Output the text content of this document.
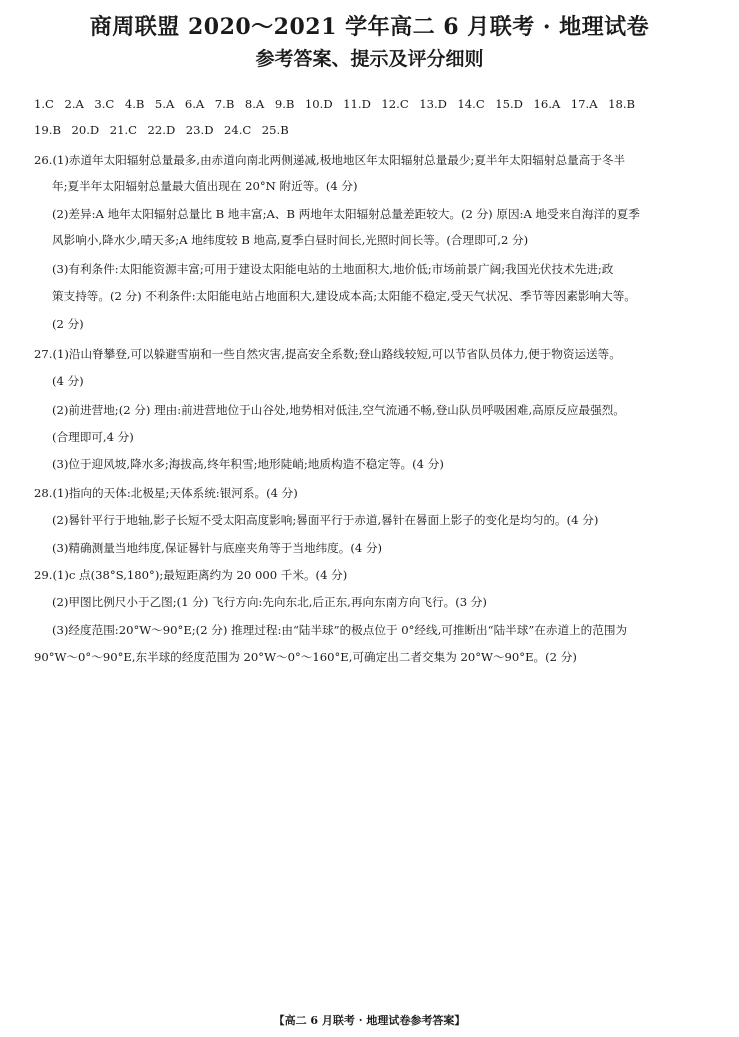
商周联盟 2020～2021 学年高二 6 月联考 · 地理试卷
参考答案、提示及评分细则
1.C 2.A 3.C 4.B 5.A 6.A 7.B 8.A 9.B 10.D 11.D 12.C 13.D 14.C 15.D 16.A 17.A 18.B
19.B 20.D 21.C 22.D 23.D 24.C 25.B
26.(1)赤道年太阳辐射总量最多,由赤道向南北两侧递减,极地地区年太阳辐射总量最少;夏半年太阳辐射总量高于冬半
年;夏半年太阳辐射总量最大值出现在 20°N 附近等。(4 分)
(2)差异:A 地年太阳辐射总量比 B 地丰富;A、B 两地年太阳辐射总量差距较大。(2 分) 原因:A 地受来自海洋的夏季
风影响小,降水少,晴天多;A 地纬度较 B 地高,夏季白昼时间长,光照时间长等。(合理即可,2 分)
(3)有利条件:太阳能资源丰富;可用于建设太阳能电站的土地面积大,地价低;市场前景广阔;我国光伏技术先进;政
策支持等。(2 分) 不利条件:太阳能电站占地面积大,建设成本高;太阳能不稳定,受天气状况、季节等因素影响大等。
(2 分)
27.(1)沿山脊攀登,可以躲避雪崩和一些自然灾害,提高安全系数;登山路线较短,可以节省队员体力,便于物资运送等。
(4 分)
(2)前进营地;(2 分) 理由:前进营地位于山谷处,地势相对低洼,空气流通不畅,登山队员呼吸困难,高原反应最强烈。
(合理即可,4 分)
(3)位于迎风坡,降水多;海拔高,终年积雪;地形陡峭;地质构造不稳定等。(4 分)
28.(1)指向的天体:北极星;天体系统:银河系。(4 分)
(2)晷针平行于地轴,影子长短不受太阳高度影响;晷面平行于赤道,晷针在晷面上影子的变化是均匀的。(4 分)
(3)精确测量当地纬度,保证晷针与底座夹角等于当地纬度。(4 分)
29.(1)c 点(38°S,180°);最短距离约为 20 000 千米。(4 分)
(2)甲图比例尺小于乙图;(1 分) 飞行方向:先向东北,后正东,再向东南方向飞行。(3 分)
(3)经度范围:20°W～90°E;(2 分) 推理过程:由“陆半球”的极点位于 0°经线,可推断出“陆半球”在赤道上的范围为
90°W～0°～90°E,东半球的经度范围为 20°W～0°～160°E,可确定出二者交集为 20°W～90°E。(2 分)
【高二 6 月联考 · 地理试卷参考答案】
